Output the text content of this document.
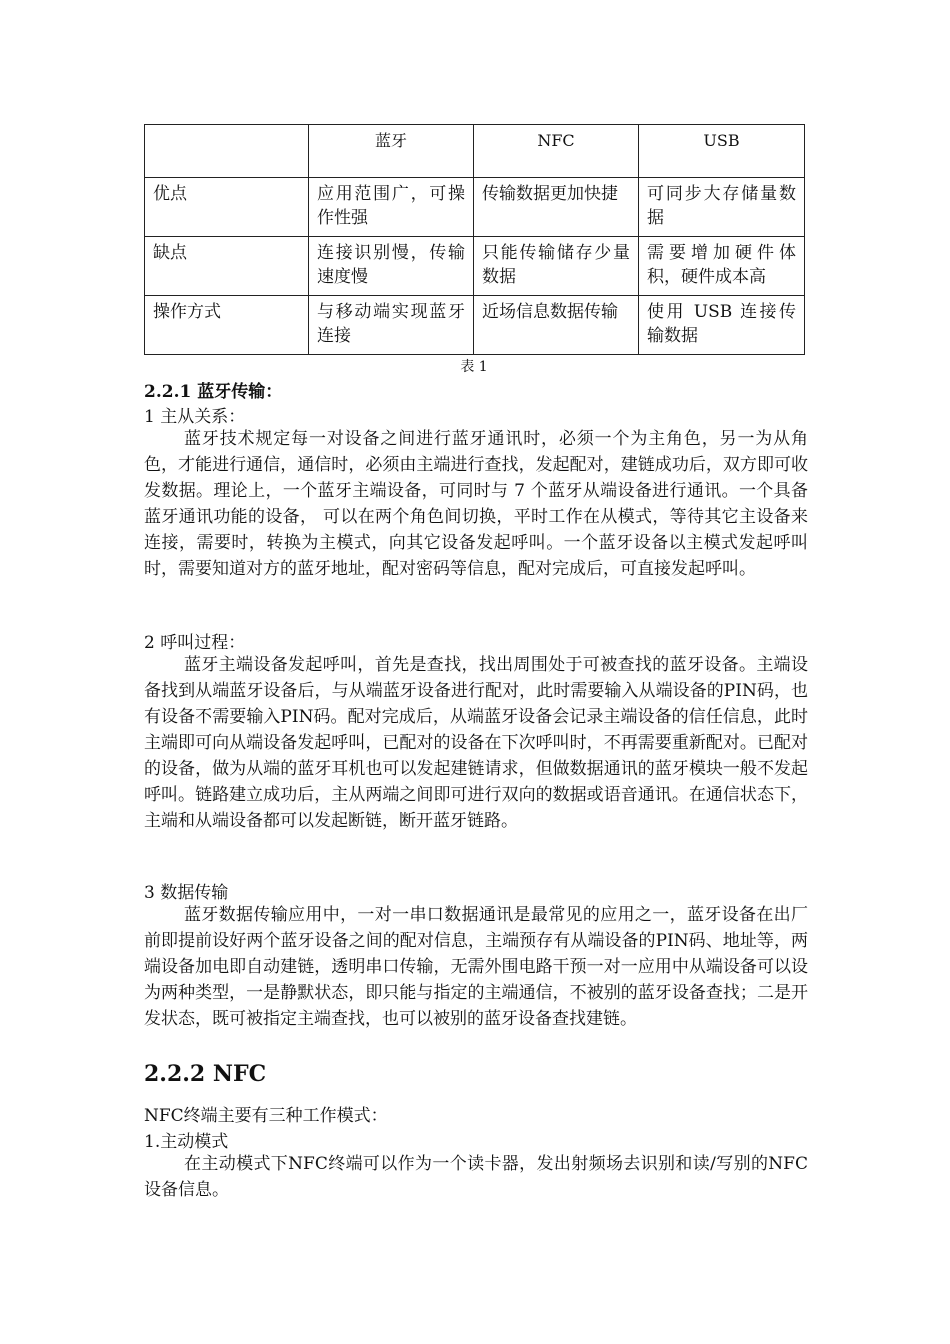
	蓝牙	NFC	USB
优点	应用范围广，可操作性强	传输数据更加快捷	可同步大存储量数据
缺点	连接识别慢，传输速度慢	只能传输储存少量数据	需要增加硬件体积，硬件成本高
操作方式	与移动端实现蓝牙连接	近场信息数据传输	使用 USB 连接传输数据
表 1
2.2.1 蓝牙传输：
1 主从关系：
蓝牙技术规定每一对设备之间进行蓝牙通讯时，必须一个为主角色，另一为从角色，才能进行通信，通信时，必须由主端进行查找，发起配对，建链成功后，双方即可收发数据。理论上，一个蓝牙主端设备，可同时与 7 个蓝牙从端设备进行通讯。一个具备蓝牙通讯功能的设备， 可以在两个角色间切换，平时工作在从模式，等待其它主设备来连接，需要时，转换为主模式，向其它设备发起呼叫。一个蓝牙设备以主模式发起呼叫时，需要知道对方的蓝牙地址，配对密码等信息，配对完成后，可直接发起呼叫。
2 呼叫过程：
蓝牙主端设备发起呼叫，首先是查找，找出周围处于可被查找的蓝牙设备。主端设备找到从端蓝牙设备后，与从端蓝牙设备进行配对，此时需要输入从端设备的PIN码，也有设备不需要输入PIN码。配对完成后，从端蓝牙设备会记录主端设备的信任信息，此时主端即可向从端设备发起呼叫，已配对的设备在下次呼叫时，不再需要重新配对。已配对的设备，做为从端的蓝牙耳机也可以发起建链请求，但做数据通讯的蓝牙模块一般不发起呼叫。链路建立成功后，主从两端之间即可进行双向的数据或语音通讯。在通信状态下，主端和从端设备都可以发起断链，断开蓝牙链路。
3 数据传输
蓝牙数据传输应用中，一对一串口数据通讯是最常见的应用之一，蓝牙设备在出厂前即提前设好两个蓝牙设备之间的配对信息，主端预存有从端设备的PIN码、地址等，两端设备加电即自动建链，透明串口传输，无需外围电路干预一对一应用中从端设备可以设为两种类型，一是静默状态，即只能与指定的主端通信，不被别的蓝牙设备查找；二是开发状态，既可被指定主端查找，也可以被别的蓝牙设备查找建链。
2.2.2 NFC
NFC终端主要有三种工作模式：
1.主动模式
在主动模式下NFC终端可以作为一个读卡器，发出射频场去识别和读/写别的NFC设备信息。
